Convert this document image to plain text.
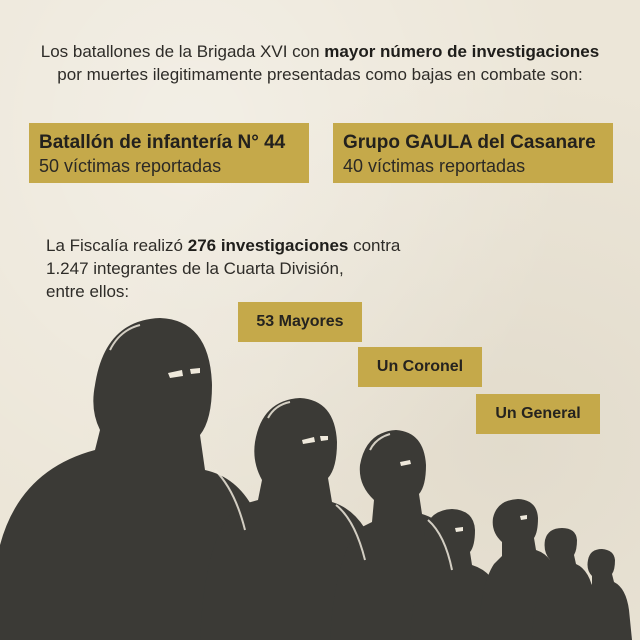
Los batallones de la Brigada XVI con mayor número de investigaciones
por muertes ilegitimamente presentadas como bajas en combate son:
Batallón de infantería N° 44
50 víctimas reportadas
Grupo GAULA del Casanare
40 víctimas reportadas
La Fiscalía realizó 276 investigaciones contra
1.247 integrantes de la Cuarta División,
entre ellos:
53 Mayores
Un Coronel
Un General
